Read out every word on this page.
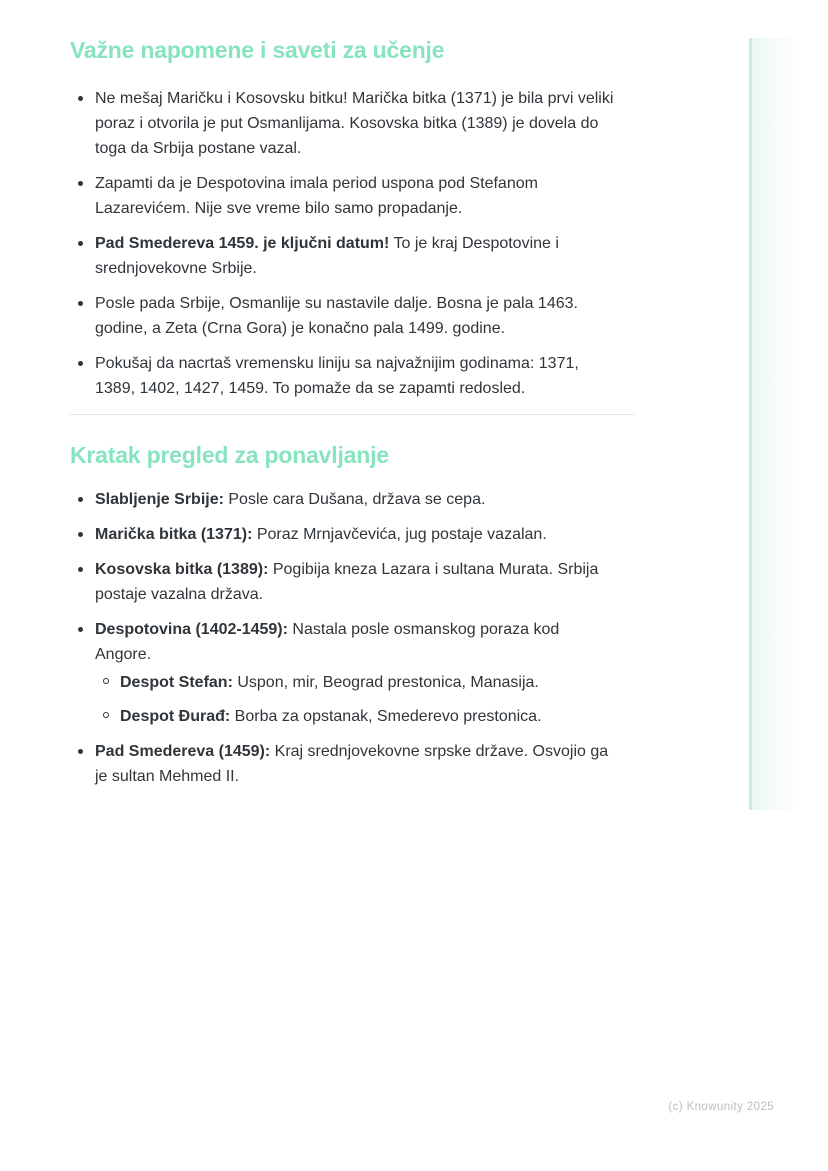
Važne napomene i saveti za učenje
Ne mešaj Maričku i Kosovsku bitku! Marička bitka (1371) je bila prvi veliki poraz i otvorila je put Osmanlijama. Kosovska bitka (1389) je dovela do toga da Srbija postane vazal.
Zapamti da je Despotovina imala period uspona pod Stefanom Lazarevićem. Nije sve vreme bilo samo propadanje.
Pad Smedereva 1459. je ključni datum! To je kraj Despotovine i srednjovekovne Srbije.
Posle pada Srbije, Osmanlije su nastavile dalje. Bosna je pala 1463. godine, a Zeta (Crna Gora) je konačno pala 1499. godine.
Pokušaj da nacrtaš vremensku liniju sa najvažnijim godinama: 1371, 1389, 1402, 1427, 1459. To pomaže da se zapamti redosled.
Kratak pregled za ponavljanje
Slabljenje Srbije: Posle cara Dušana, država se cepa.
Marička bitka (1371): Poraz Mrnjavčevića, jug postaje vazalan.
Kosovska bitka (1389): Pogibija kneza Lazara i sultana Murata. Srbija postaje vazalna država.
Despotovina (1402-1459): Nastala posle osmanskog poraza kod Angore.
Despot Stefan: Uspon, mir, Beograd prestonica, Manasija.
Despot Đurađ: Borba za opstanak, Smederevo prestonica.
Pad Smedereva (1459): Kraj srednjovekovne srpske države. Osvojio ga je sultan Mehmed II.
(c) Knowunity 2025
